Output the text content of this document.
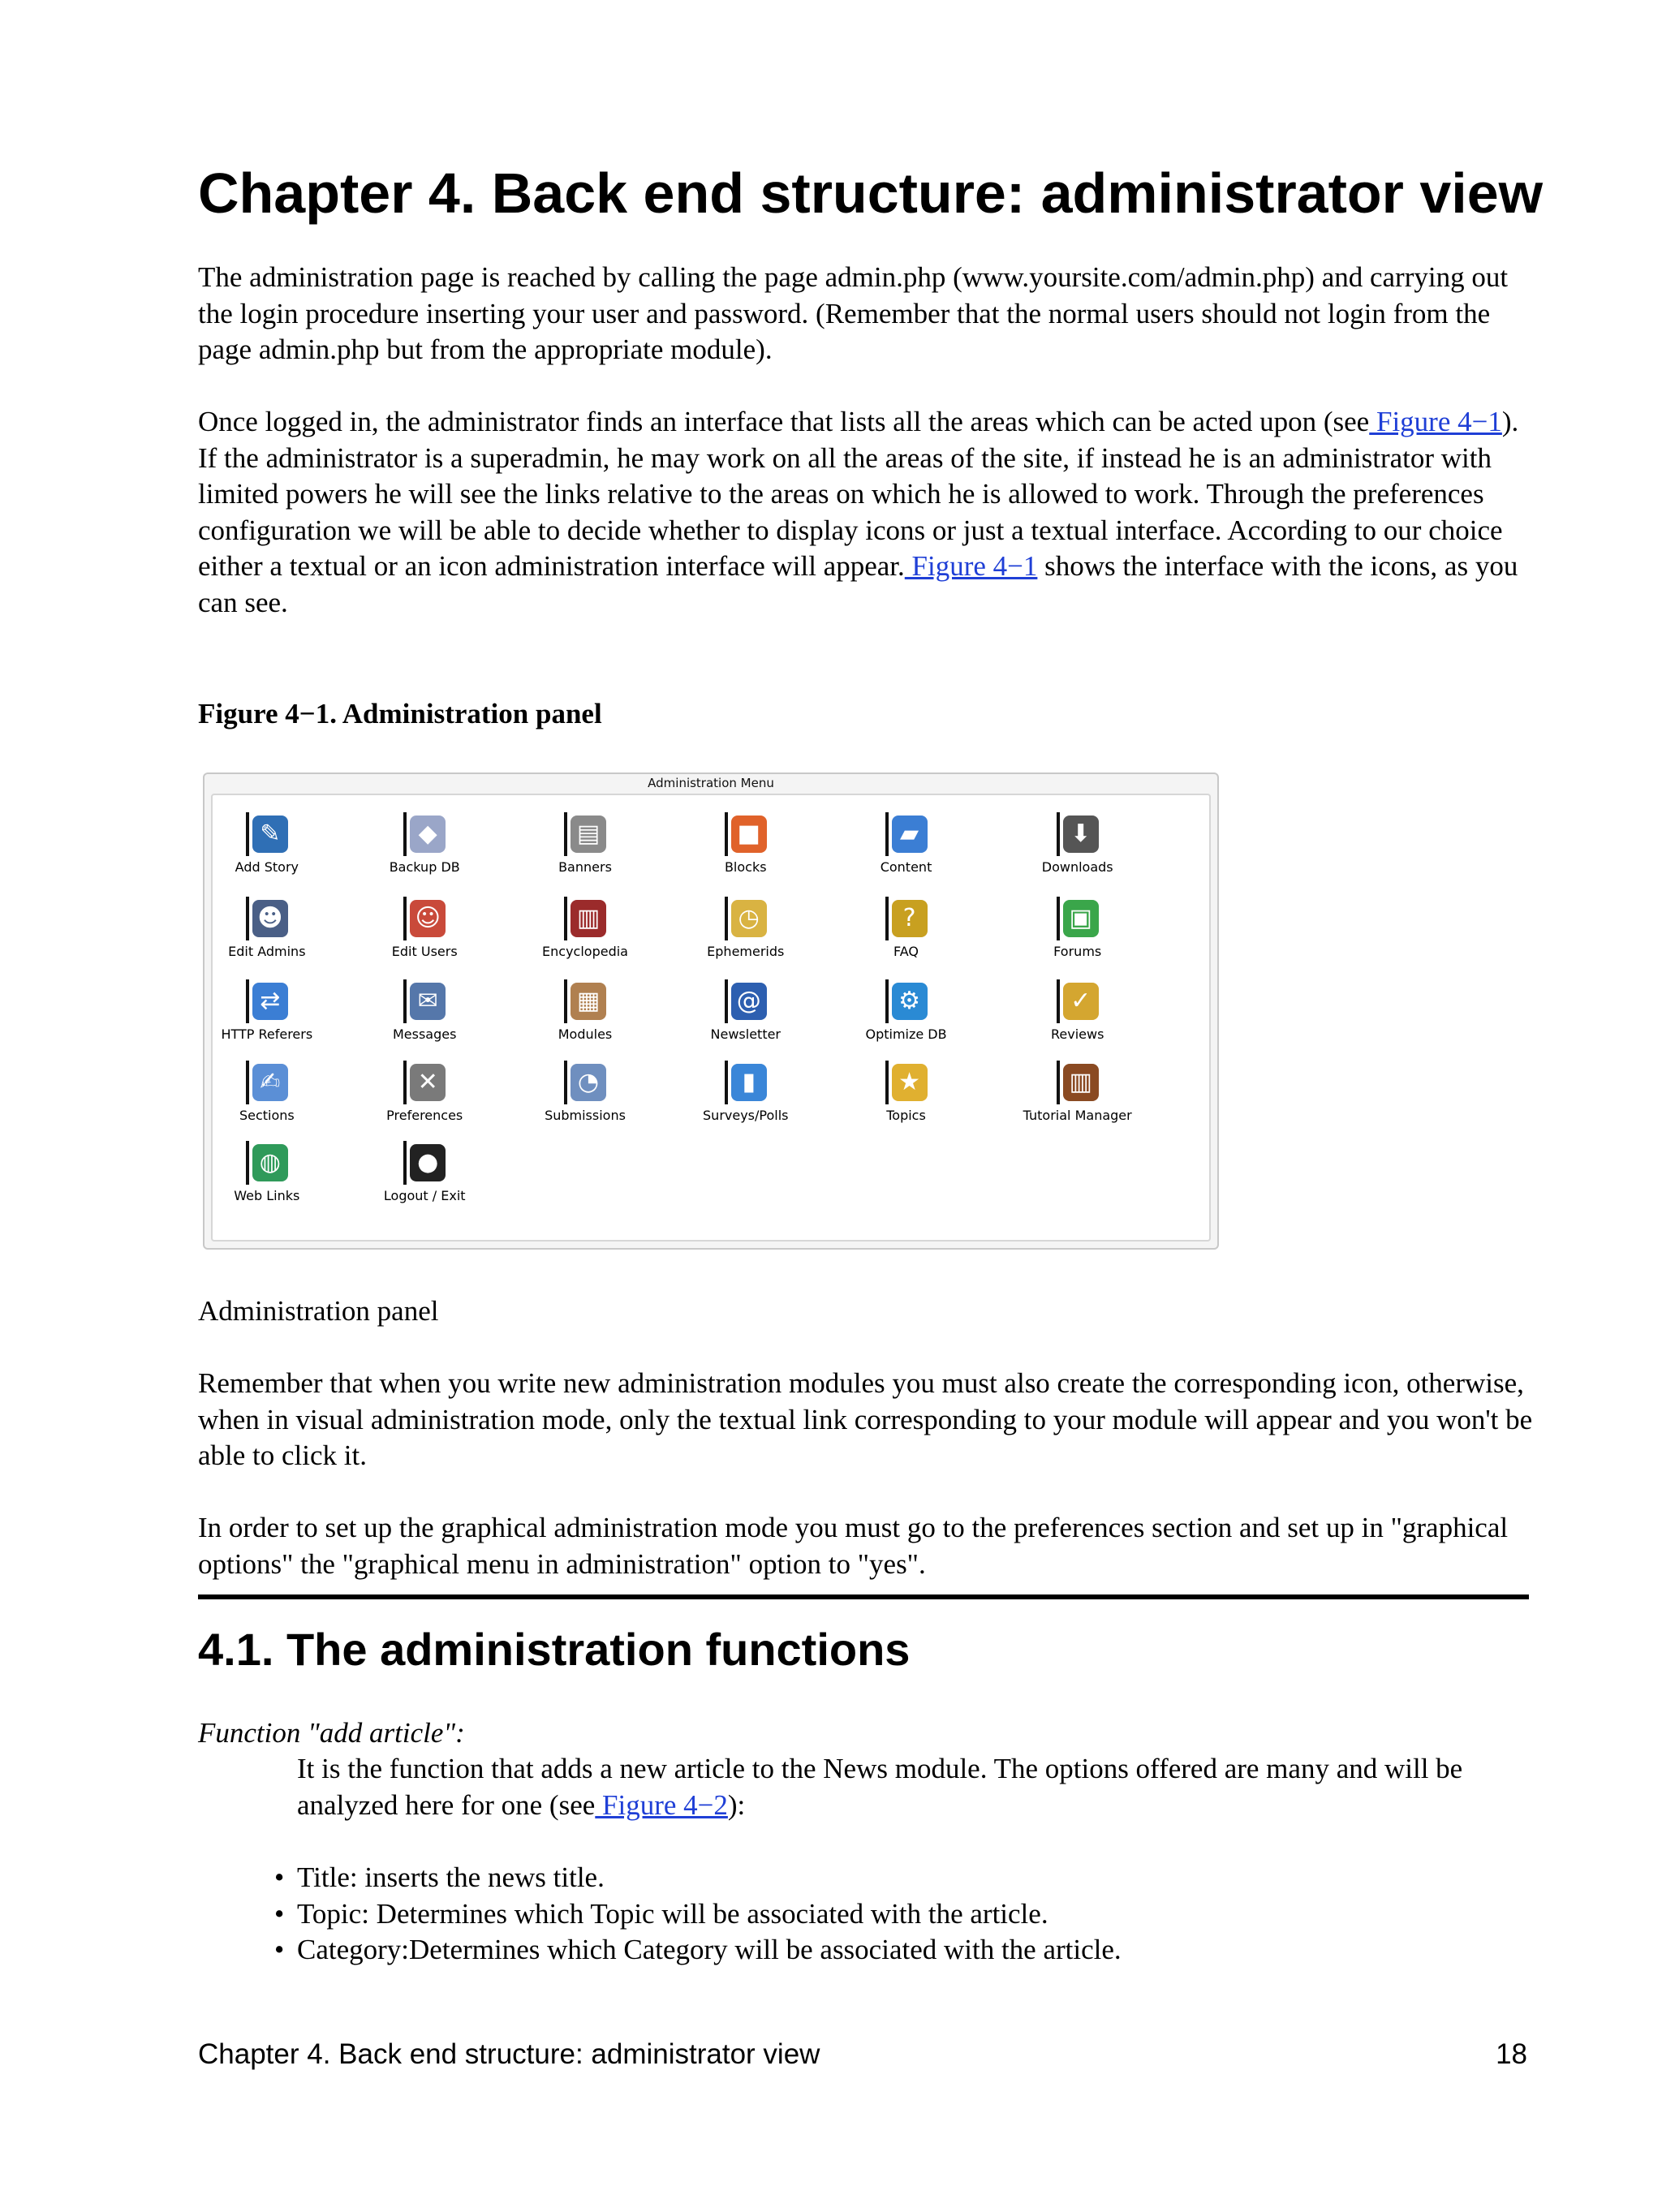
Chapter 4. Back end structure: administrator view

The administration page is reached by calling the page admin.php (www.yoursite.com/admin.php) and carrying out the login procedure inserting your user and password. (Remember that the normal users should not login from the page admin.php but from the appropriate module).

Once logged in, the administrator finds an interface that lists all the areas which can be acted upon (see Figure 4−1). If the administrator is a superadmin, he may work on all the areas of the site, if instead he is an administrator with limited powers he will see the links relative to the areas on which he is allowed to work. Through the preferences configuration we will be able to decide whether to display icons or just a textual interface. According to our choice either a textual or an icon administration interface will appear. Figure 4−1 shows the interface with the icons, as you can see.

Figure 4−1. Administration panel

Administration Menu
✎
Add Story
◆
Backup DB
▤
Banners
■
Blocks
▰
Content
⬇
Downloads
☻
Edit Admins
☺
Edit Users
▥
Encyclopedia
◷
Ephemerids
?
FAQ
▣
Forums
⇄
HTTP Referers
✉
Messages
▦
Modules
@
Newsletter
⚙
Optimize DB
✓
Reviews
✍
Sections
✕
Preferences
◔
Submissions
▮
Surveys/Polls
★
Topics
▥
Tutorial Manager
◍
Web Links
●
Logout / Exit

Administration panel

Remember that when you write new administration modules you must also create the corresponding icon, otherwise, when in visual administration mode, only the textual link corresponding to your module will appear and you won't be able to click it.

In order to set up the graphical administration mode you must go to the preferences section and set up in "graphical options" the "graphical menu in administration" option to "yes".

4.1. The administration functions

Function "add article":

It is the function that adds a new article to the News module. The options offered are many and will be analyzed here for one (see Figure 4−2):

• Title: inserts the news title.
• Topic: Determines which Topic will be associated with the article.
• Category:Determines which Category will be associated with the article.

Chapter 4. Back end structure: administrator view	18
